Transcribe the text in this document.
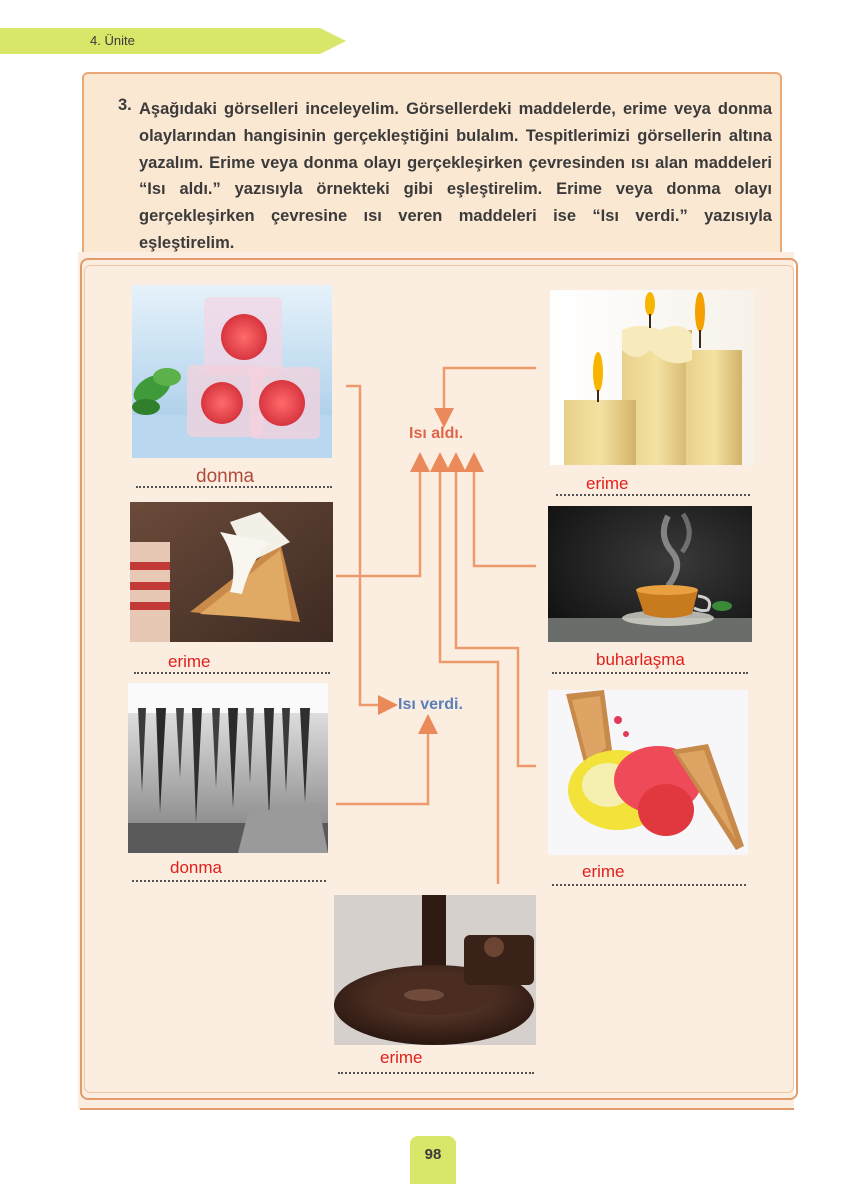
4. Ünite
3. Aşağıdaki görselleri inceleyelim. Görsellerdeki maddelerde, erime veya donma olaylarından hangisinin gerçekleştiğini bulalım. Tespitlerimizi görsellerin altına yazalım. Erime veya donma olayı gerçekleşirken çevresinden ısı alan maddeleri “Isı aldı.” yazısıyla örnekteki gibi eşleştirelim. Erime veya donma olayı gerçekleşirken çevresine ısı veren maddeleri ise “Isı verdi.” yazısıyla eşleştirelim.
donma
erime
donma
erime
buharlaşma
erime
erime
Isı aldı.
Isı verdi.
98
